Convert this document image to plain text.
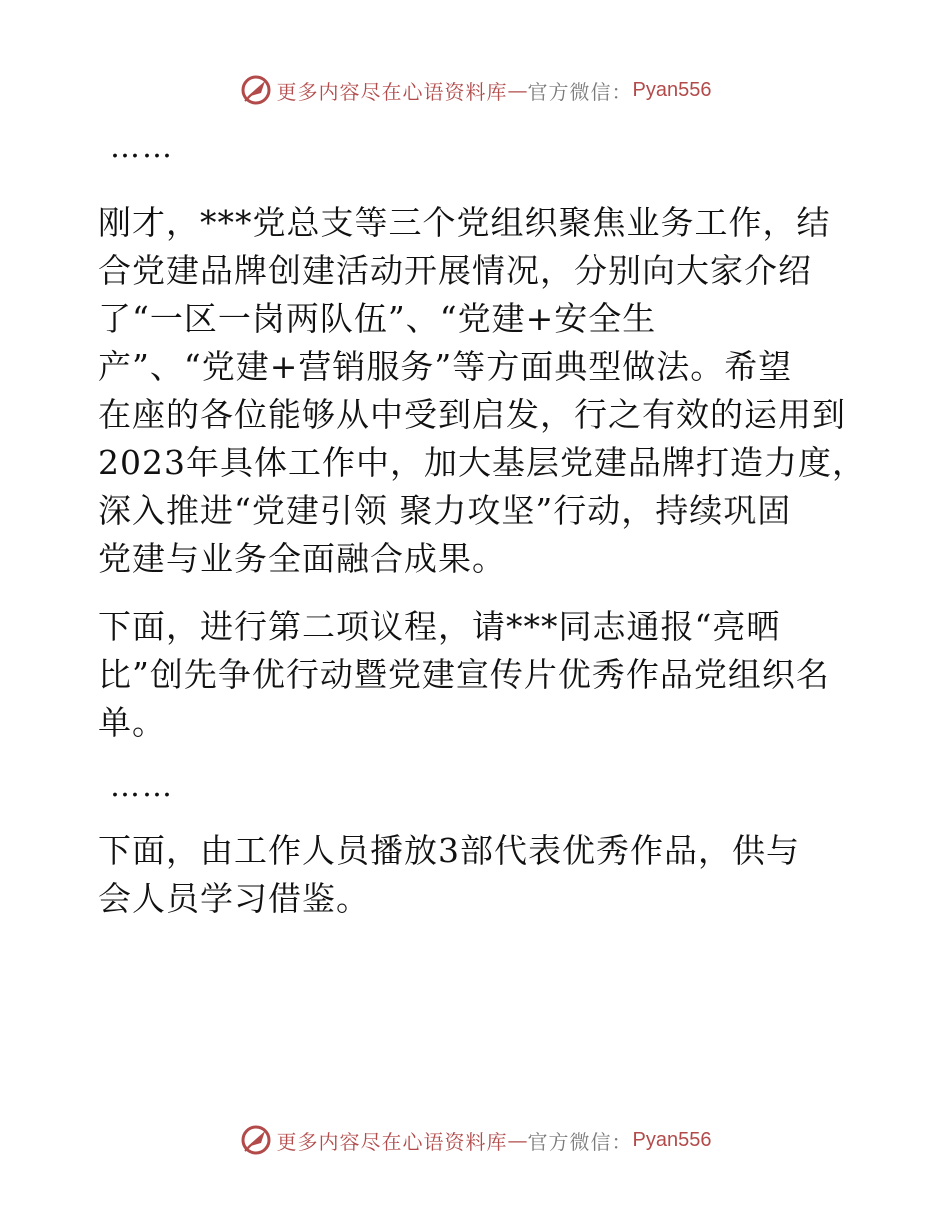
更多内容尽在心语资料库 — 官方微信： Pyan556
……
刚才，***党总支等三个党组织聚焦业务工作，结
合党建品牌创建活动开展情况，分别向大家介绍
了“一区一岗两队伍”、“党建+安全生
产”、“党建+营销服务”等方面典型做法。希望
在座的各位能够从中受到启发，行之有效的运用到
2023年具体工作中，加大基层党建品牌打造力度，
深入推进“党建引领 聚力攻坚”行动，持续巩固
党建与业务全面融合成果。
下面，进行第二项议程，请***同志通报“亮晒
比”创先争优行动暨党建宣传片优秀作品党组织名
单。
……
下面，由工作人员播放3部代表优秀作品，供与
会人员学习借鉴。
更多内容尽在心语资料库 — 官方微信： Pyan556
